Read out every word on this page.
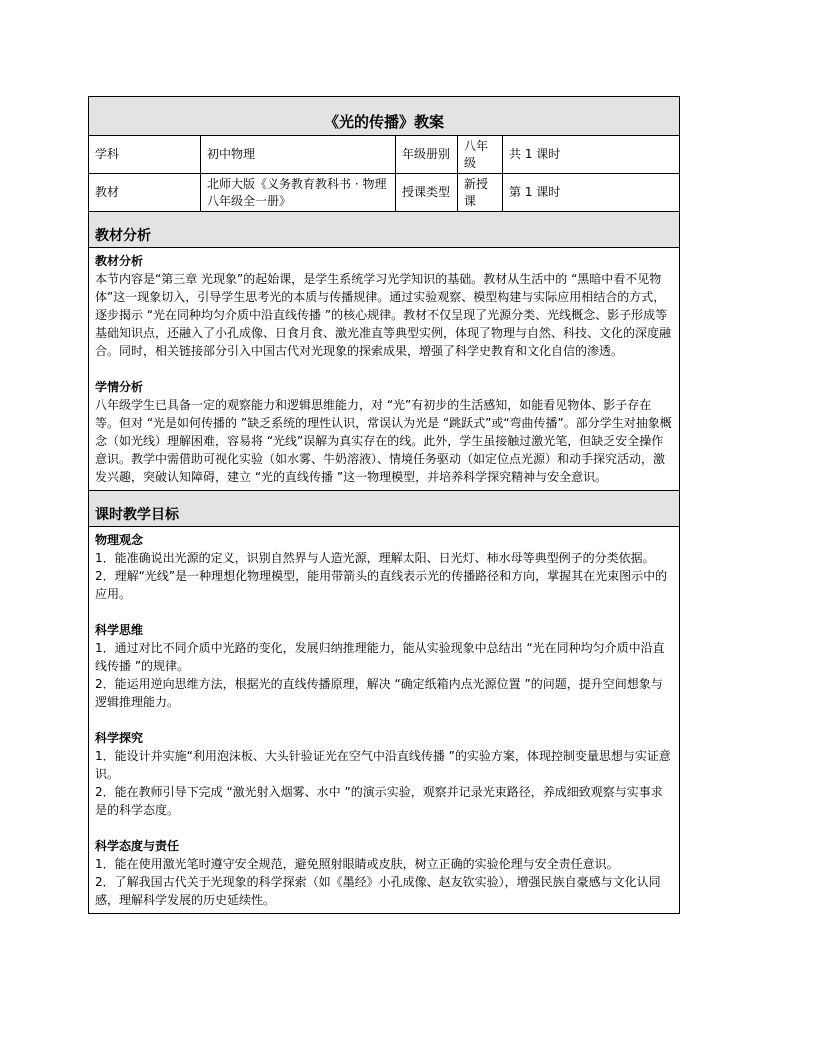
《光的传播》教案
学科	初中物理	年级册别
八年级
共 1 课时
教材
北师大版《义务教育教科书 · 物理八年级全一册》
授课类型
新授课
第 1 课时
教材分析
教材分析

本节内容是“第三章 光现象”的起始课，是学生系统学习光学知识的基础。教材从生活中的 “黑暗中看不见物体”这一现象切入，引导学生思考光的本质与传播规律。通过实验观察、模型构建与实际应用相结合的方式，逐步揭示 “光在同种均匀介质中沿直线传播 ”的核心规律。教材不仅呈现了光源分类、光线概念、影子形成等基础知识点，还融入了小孔成像、日食月食、激光准直等典型实例，体现了物理与自然、科技、文化的深度融合。同时，相关链接部分引入中国古代对光现象的探索成果，增强了科学史教育和文化自信的渗透。

学情分析

八年级学生已具备一定的观察能力和逻辑思维能力，对 “光”有初步的生活感知，如能看见物体、影子存在等。但对 “光是如何传播的 ”缺乏系统的理性认识，常误认为光是 “跳跃式”或“弯曲传播”。部分学生对抽象概念（如光线）理解困难，容易将 “光线”误解为真实存在的线。此外，学生虽接触过激光笔，但缺乏安全操作意识。教学中需借助可视化实验（如水雾、牛奶溶液）、情境任务驱动（如定位点光源）和动手探究活动，激发兴趣，突破认知障碍，建立 “光的直线传播 ”这一物理模型，并培养科学探究精神与安全意识。

课时教学目标
物理观念

1．能准确说出光源的定义，识别自然界与人造光源，理解太阳、日光灯、柿水母等典型例子的分类依据。

2．理解“光线”是一种理想化物理模型，能用带箭头的直线表示光的传播路径和方向，掌握其在光束图示中的应用。

科学思维

1．通过对比不同介质中光路的变化，发展归纳推理能力，能从实验现象中总结出 “光在同种均匀介质中沿直线传播 ”的规律。

2．能运用逆向思维方法，根据光的直线传播原理，解决 “确定纸箱内点光源位置 ”的问题，提升空间想象与逻辑推理能力。

科学探究

1．能设计并实施“利用泡沫板、大头针验证光在空气中沿直线传播 ”的实验方案，体现控制变量思想与实证意识。

2．能在教师引导下完成 “激光射入烟雾、水中 ”的演示实验，观察并记录光束路径，养成细致观察与实事求是的科学态度。

科学态度与责任

1．能在使用激光笔时遵守安全规范，避免照射眼睛或皮肤，树立正确的实验伦理与安全责任意识。

2．了解我国古代关于光现象的科学探索（如《墨经》小孔成像、赵友钦实验），增强民族自豪感与文化认同感，理解科学发展的历史延续性。
